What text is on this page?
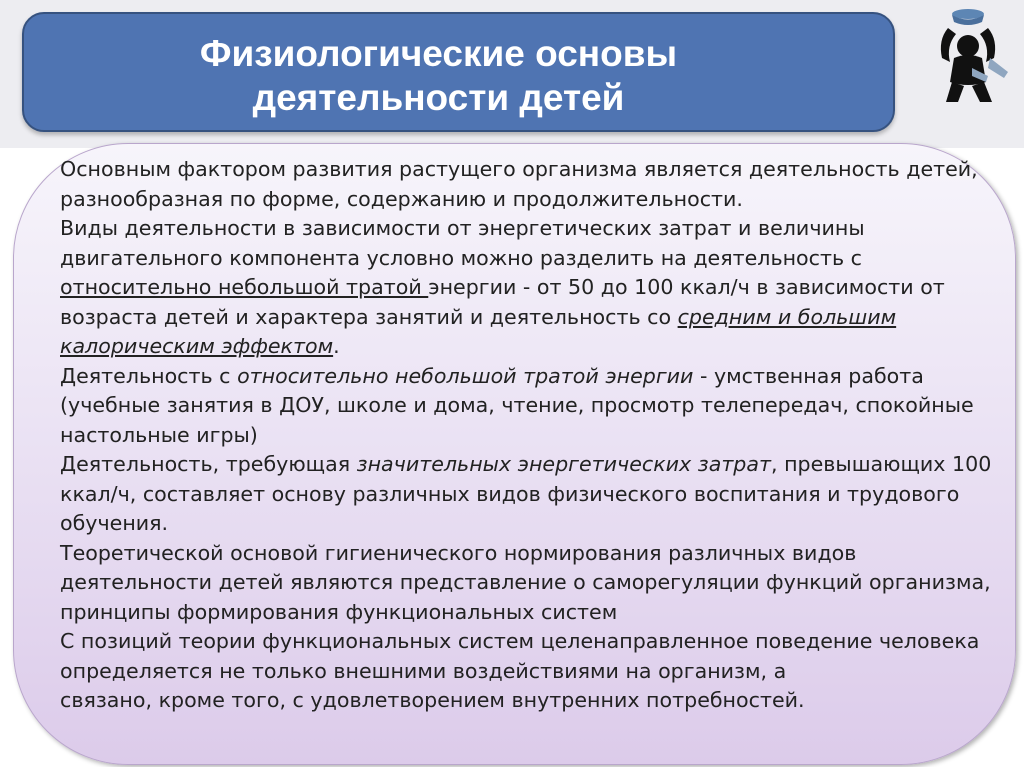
Физиологические основы
деятельности детей
Основным фактором развития растущего организма является деятельность детей, разнообразная по форме, содержанию и продолжительности.
Виды деятельности в зависимости от энергетических затрат и величины двигательного компонента условно можно разделить на деятельность с относительно небольшой тратой энергии - от 50 до 100 ккал/ч в зависимости от возраста детей и характера занятий и деятельность со средним и большим калорическим эффектом.
Деятельность с относительно небольшой тратой энергии - умственная работа (учебные занятия в ДОУ, школе и дома, чтение, просмотр телепередач, спокойные настольные игры)
Деятельность, требующая значительных энергетических затрат, превышающих 100 ккал/ч, составляет основу различных видов физического воспитания и трудового обучения.
Теоретической основой гигиенического нормирования различных видов деятельности детей являются представление о саморегуляции функций организма, принципы формирования функциональных систем
С позиций теории функциональных систем целенаправленное поведение человека определяется не только внешними воздействиями на организм, а
связано, кроме того, с удовлетворением внутренних потребностей.
